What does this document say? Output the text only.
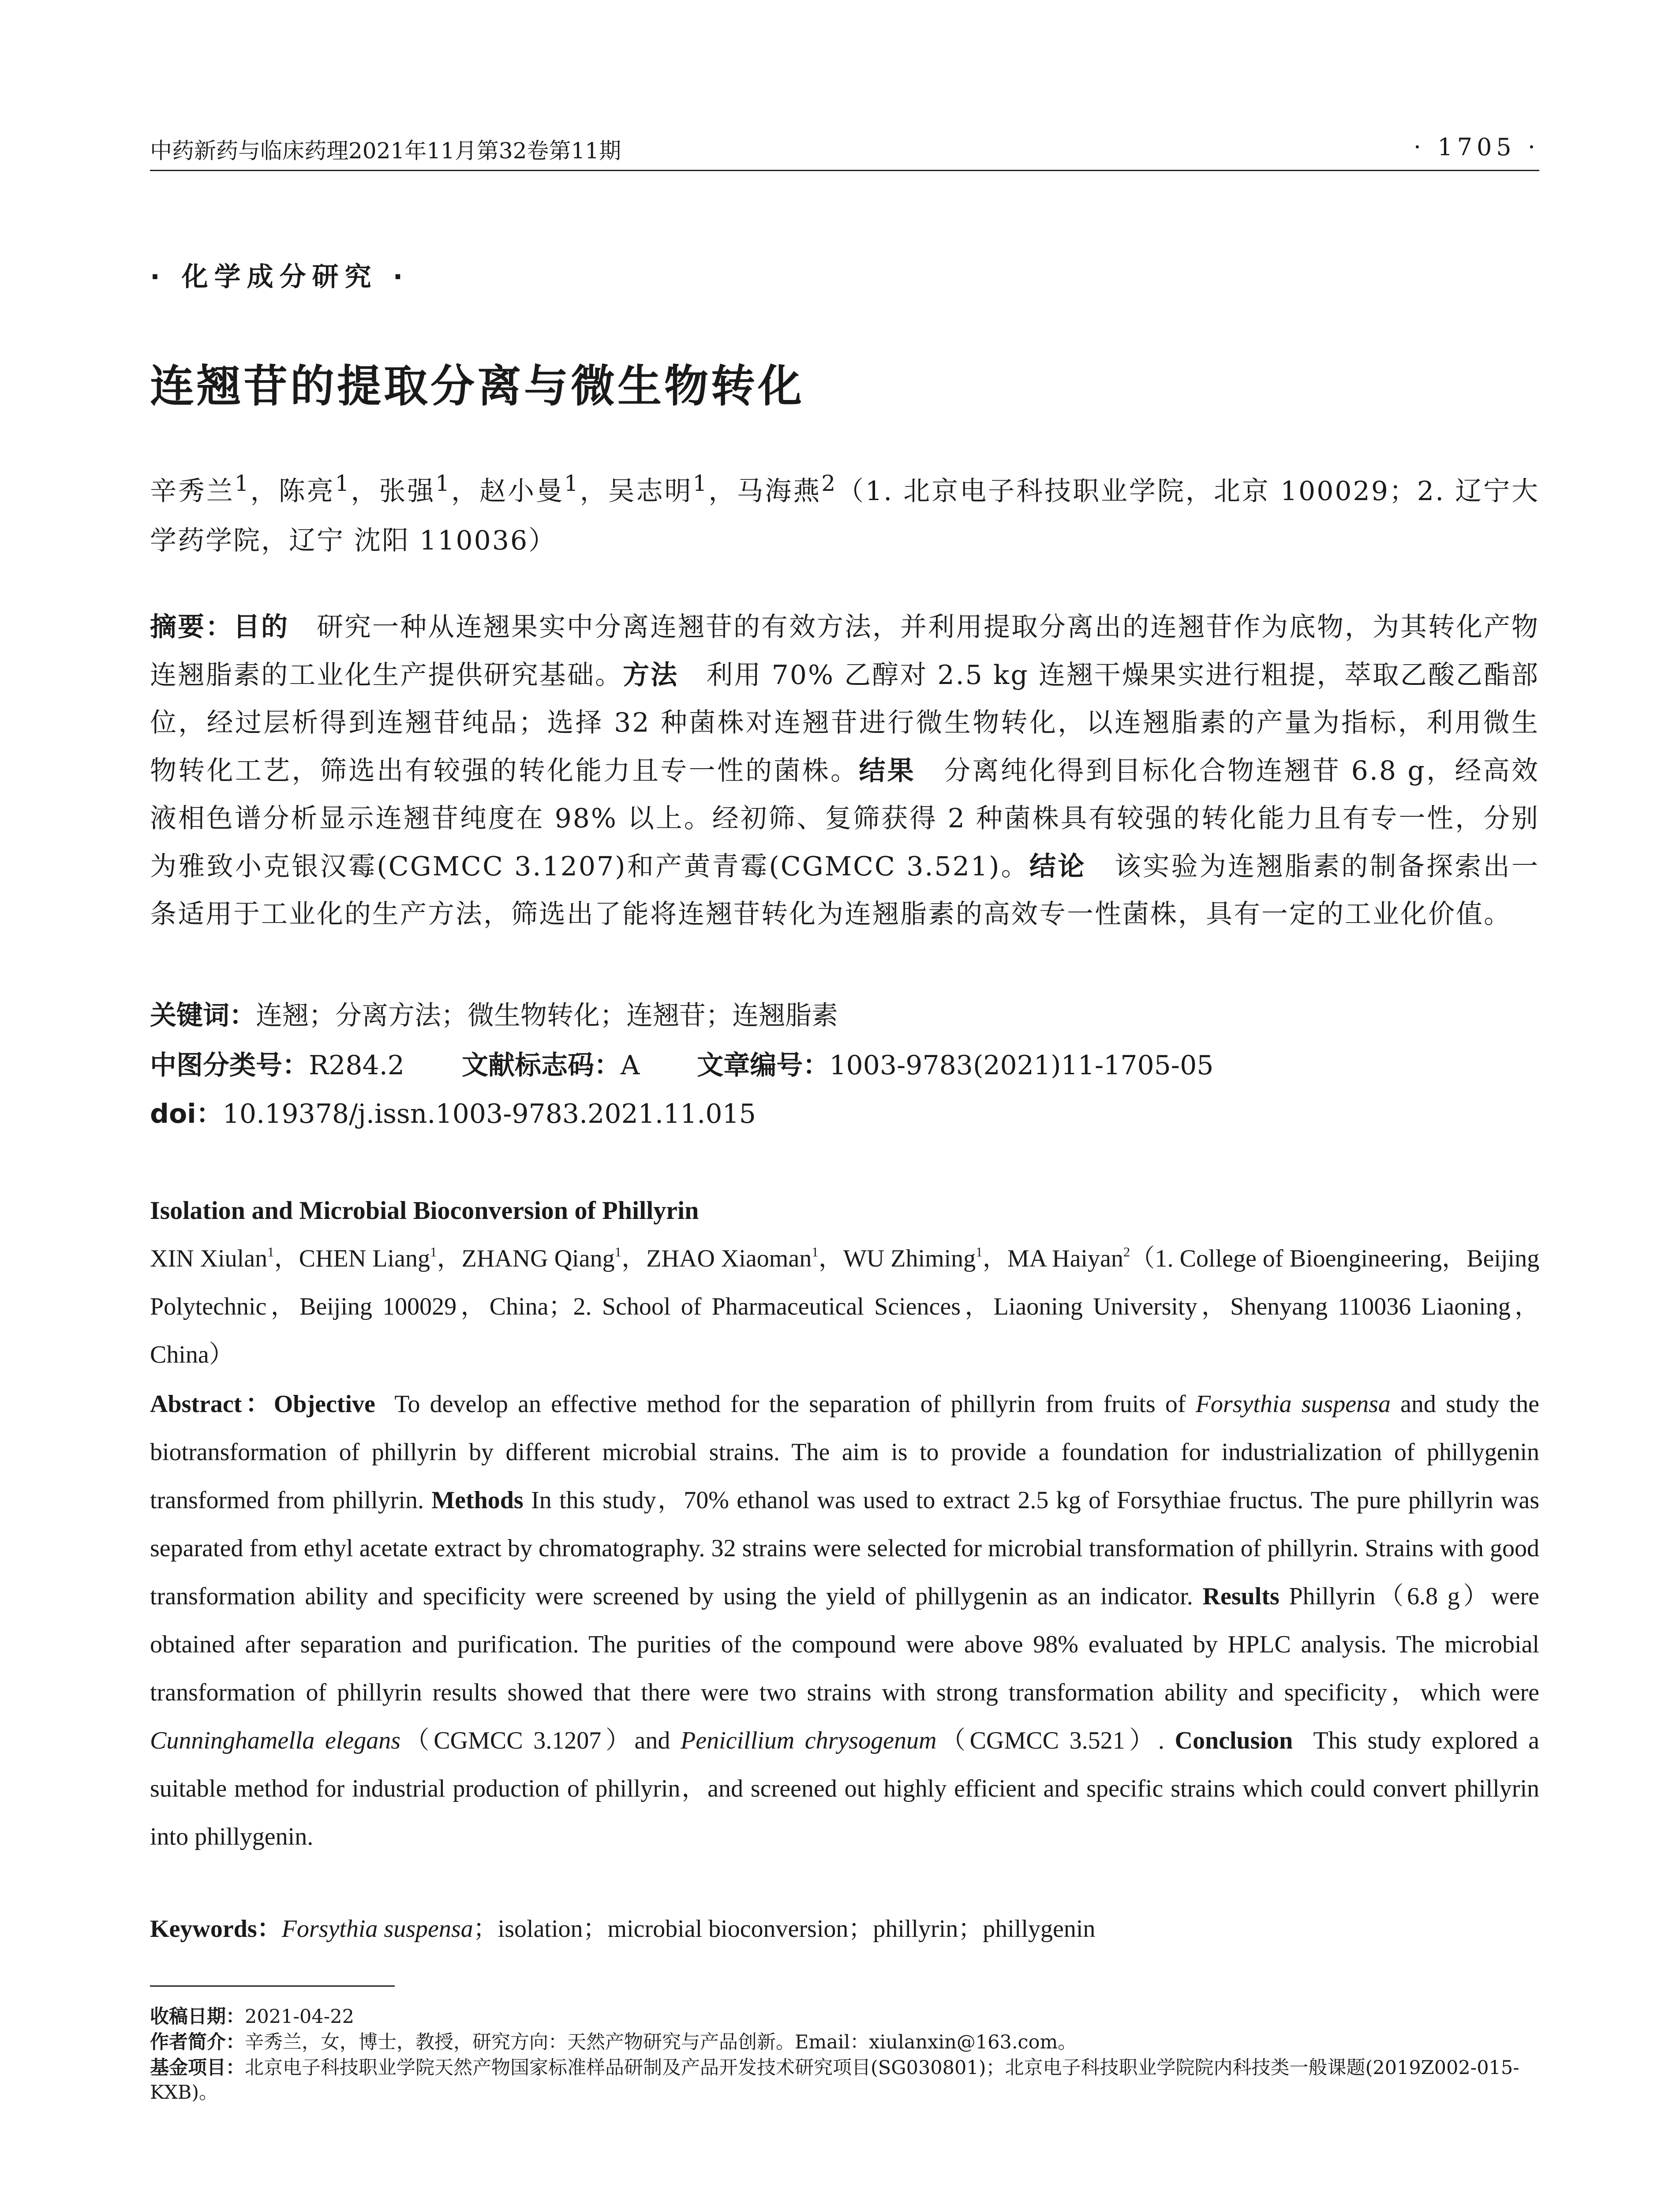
中药新药与临床药理2021年11月第32卷第11期	· 1705 ·
· 化学成分研究 ·
连翘苷的提取分离与微生物转化
辛秀兰$^1$，陈亮$^1$，张强$^1$，赵小曼$^1$，吴志明$^1$，马海燕$^2$（1. 北京电子科技职业学院，北京 100029；2. 辽宁大学药学院，辽宁 沈阳 110036）
摘要：目的  研究一种从连翘果实中分离连翘苷的有效方法，并利用提取分离出的连翘苷作为底物，为其转化产物连翘脂素的工业化生产提供研究基础。方法  利用 70% 乙醇对 2.5 kg 连翘干燥果实进行粗提，萃取乙酸乙酯部位，经过层析得到连翘苷纯品；选择 32 种菌株对连翘苷进行微生物转化，以连翘脂素的产量为指标，利用微生物转化工艺，筛选出有较强的转化能力且专一性的菌株。结果  分离纯化得到目标化合物连翘苷 6.8 g，经高效液相色谱分析显示连翘苷纯度在 98% 以上。经初筛、复筛获得 2 种菌株具有较强的转化能力且有专一性，分别为雅致小克银汉霉(CGMCC 3.1207)和产黄青霉(CGMCC 3.521)。结论  该实验为连翘脂素的制备探索出一条适用于工业化的生产方法，筛选出了能将连翘苷转化为连翘脂素的高效专一性菌株，具有一定的工业化价值。
关键词：连翘；分离方法；微生物转化；连翘苷；连翘脂素
中图分类号：R284.2 文献标志码：A 文章编号：1003-9783(2021)11-1705-05
doi：10.19378/j.issn.1003-9783.2021.11.015
Isolation and Microbial Bioconversion of Phillyrin
XIN Xiulan$^1$，CHEN Liang$^1$，ZHANG Qiang$^1$，ZHAO Xiaoman$^1$，WU Zhiming$^1$，MA Haiyan$^2$（1. College of Bioengineering，Beijing Polytechnic，Beijing 100029，China；2. School of Pharmaceutical Sciences，Liaoning University，Shenyang 110036 Liaoning，China）
Abstract：Objective To develop an effective method for the separation of phillyrin from fruits of Forsythia suspensa and study the biotransformation of phillyrin by different microbial strains. The aim is to provide a foundation for industrialization of phillygenin transformed from phillyrin. Methods In this study，70% ethanol was used to extract 2.5 kg of Forsythiae fructus. The pure phillyrin was separated from ethyl acetate extract by chromatography. 32 strains were selected for microbial transformation of phillyrin. Strains with good transformation ability and specificity were screened by using the yield of phillygenin as an indicator. Results Phillyrin（6.8 g）were obtained after separation and purification. The purities of the compound were above 98% evaluated by HPLC analysis. The microbial transformation of phillyrin results showed that there were two strains with strong transformation ability and specificity，which were Cunninghamella elegans（CGMCC 3.1207）and Penicillium chrysogenum（CGMCC 3.521）. Conclusion This study explored a suitable method for industrial production of phillyrin，and screened out highly efficient and specific strains which could convert phillyrin into phillygenin.
Keywords：Forsythia suspensa；isolation；microbial bioconversion；phillyrin；phillygenin
收稿日期：2021-04-22
作者简介：辛秀兰，女，博士，教授，研究方向：天然产物研究与产品创新。Email：xiulanxin@163.com。
基金项目：北京电子科技职业学院天然产物国家标准样品研制及产品开发技术研究项目(SG030801)；北京电子科技职业学院院内科技类一般课题(2019Z002-015-KXB)。
